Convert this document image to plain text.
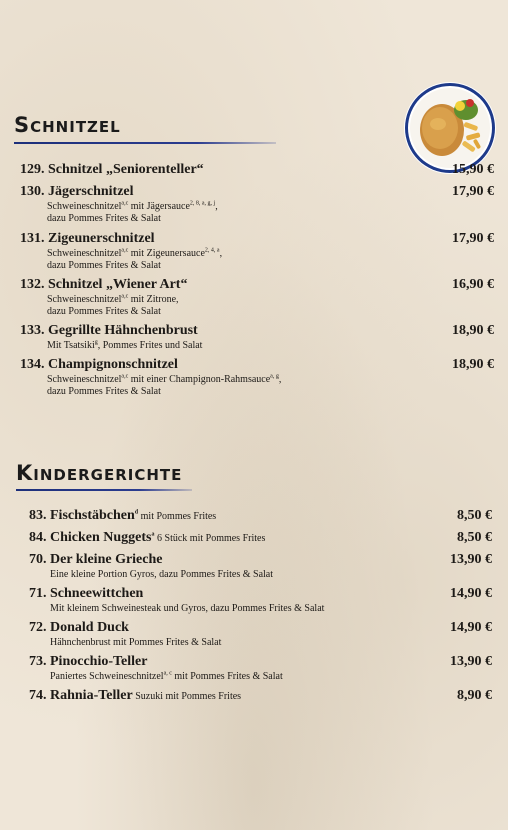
Schnitzel
129. Schnitzel „Seniorenteller“	15,90 €
130. Jägerschnitzel	17,90 €
Schweineschnitzel$^{a,c}$ mit Jägersauce$^{2, 8, a, g, j}$,
dazu Pommes Frites & Salat
131. Zigeunerschnitzel	17,90 €
Schweineschnitzel$^{a,c}$ mit Zigeunersauce$^{2, 4, a}$,
dazu Pommes Frites & Salat
132. Schnitzel „Wiener Art“	16,90 €
Schweineschnitzel$^{a,c}$ mit Zitrone,
dazu Pommes Frites & Salat
133. Gegrillte Hähnchenbrust	18,90 €
Mit Tsatsiki$^g$, Pommes Frites und Salat
134. Champignonschnitzel	18,90 €
Schweineschnitzel$^{a,c}$ mit einer Champignon-Rahmsauce$^{a, g}$,
dazu Pommes Frites & Salat
Kindergerichte
83. Fischstäbchen$^d$ mit Pommes Frites	8,50 €
84. Chicken Nuggets$^a$ 6 Stück mit Pommes Frites	8,50 €
70. Der kleine Grieche	13,90 €
Eine kleine Portion Gyros, dazu Pommes Frites & Salat
71. Schneewittchen	14,90 €
Mit kleinem Schweinesteak und Gyros, dazu Pommes Frites & Salat
72. Donald Duck	14,90 €
Hähnchenbrust mit Pommes Frites & Salat
73. Pinocchio-Teller	13,90 €
Paniertes Schweineschnitzel$^{a, c}$ mit Pommes Frites & Salat
74. Rahnia-Teller Suzuki mit Pommes Frites	8,90 €
